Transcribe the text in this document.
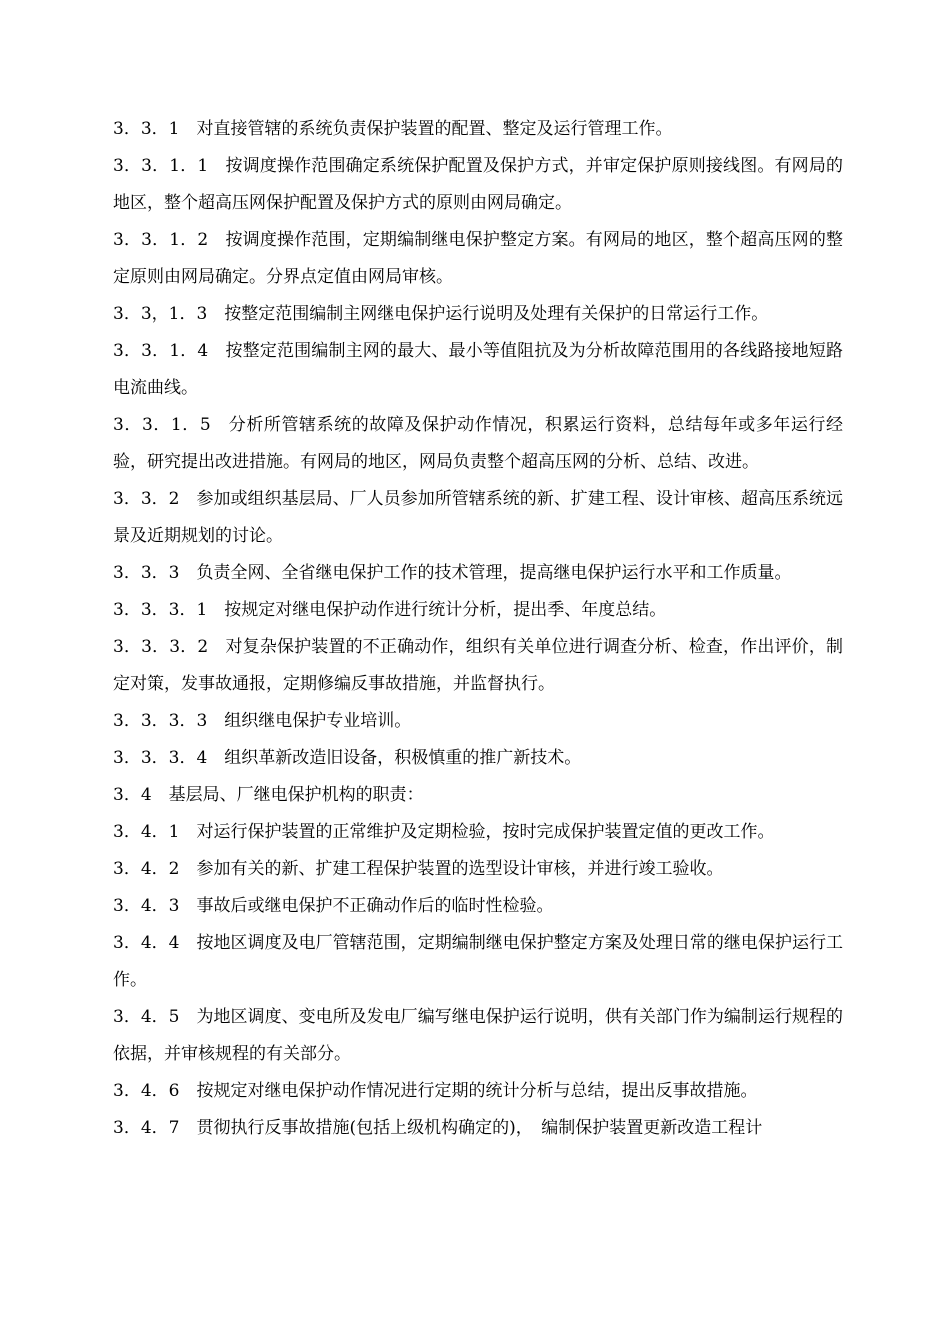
3．3．1　对直接管辖的系统负责保护装置的配置、整定及运行管理工作。

3．3．1．1　按调度操作范围确定系统保护配置及保护方式，并审定保护原则接线图。有网局的地区，整个超高压网保护配置及保护方式的原则由网局确定。

3．3．1．2　按调度操作范围，定期编制继电保护整定方案。有网局的地区，整个超高压网的整定原则由网局确定。分界点定值由网局审核。

3．3，1．3　按整定范围编制主网继电保护运行说明及处理有关保护的日常运行工作。

3．3．1．4　按整定范围编制主网的最大、最小等值阻抗及为分析故障范围用的各线路接地短路电流曲线。

3．3．1．5　分析所管辖系统的故障及保护动作情况，积累运行资料，总结每年或多年运行经验，研究提出改进措施。有网局的地区，网局负责整个超高压网的分析、总结、改进。

3．3．2　参加或组织基层局、厂人员参加所管辖系统的新、扩建工程、设计审核、超高压系统远景及近期规划的讨论。

3．3．3　负责全网、全省继电保护工作的技术管理，提高继电保护运行水平和工作质量。

3．3．3．1　按规定对继电保护动作进行统计分析，提出季、年度总结。

3．3．3．2　对复杂保护装置的不正确动作，组织有关单位进行调查分析、检查，作出评价，制定对策，发事故通报，定期修编反事故措施，并监督执行。

3．3．3．3　组织继电保护专业培训。

3．3．3．4　组织革新改造旧设备，积极慎重的推广新技术。

3．4　基层局、厂继电保护机构的职责：

3．4．1　对运行保护装置的正常维护及定期检验，按时完成保护装置定值的更改工作。

3．4．2　参加有关的新、扩建工程保护装置的选型设计审核，并进行竣工验收。

3．4．3　事故后或继电保护不正确动作后的临时性检验。

3．4．4　按地区调度及电厂管辖范围，定期编制继电保护整定方案及处理日常的继电保护运行工作。

3．4．5　为地区调度、变电所及发电厂编写继电保护运行说明，供有关部门作为编制运行规程的依据，并审核规程的有关部分。

3．4．6　按规定对继电保护动作情况进行定期的统计分析与总结，提出反事故措施。

3．4．7　贯彻执行反事故措施(包括上级机构确定的)，　编制保护装置更新改造工程计
